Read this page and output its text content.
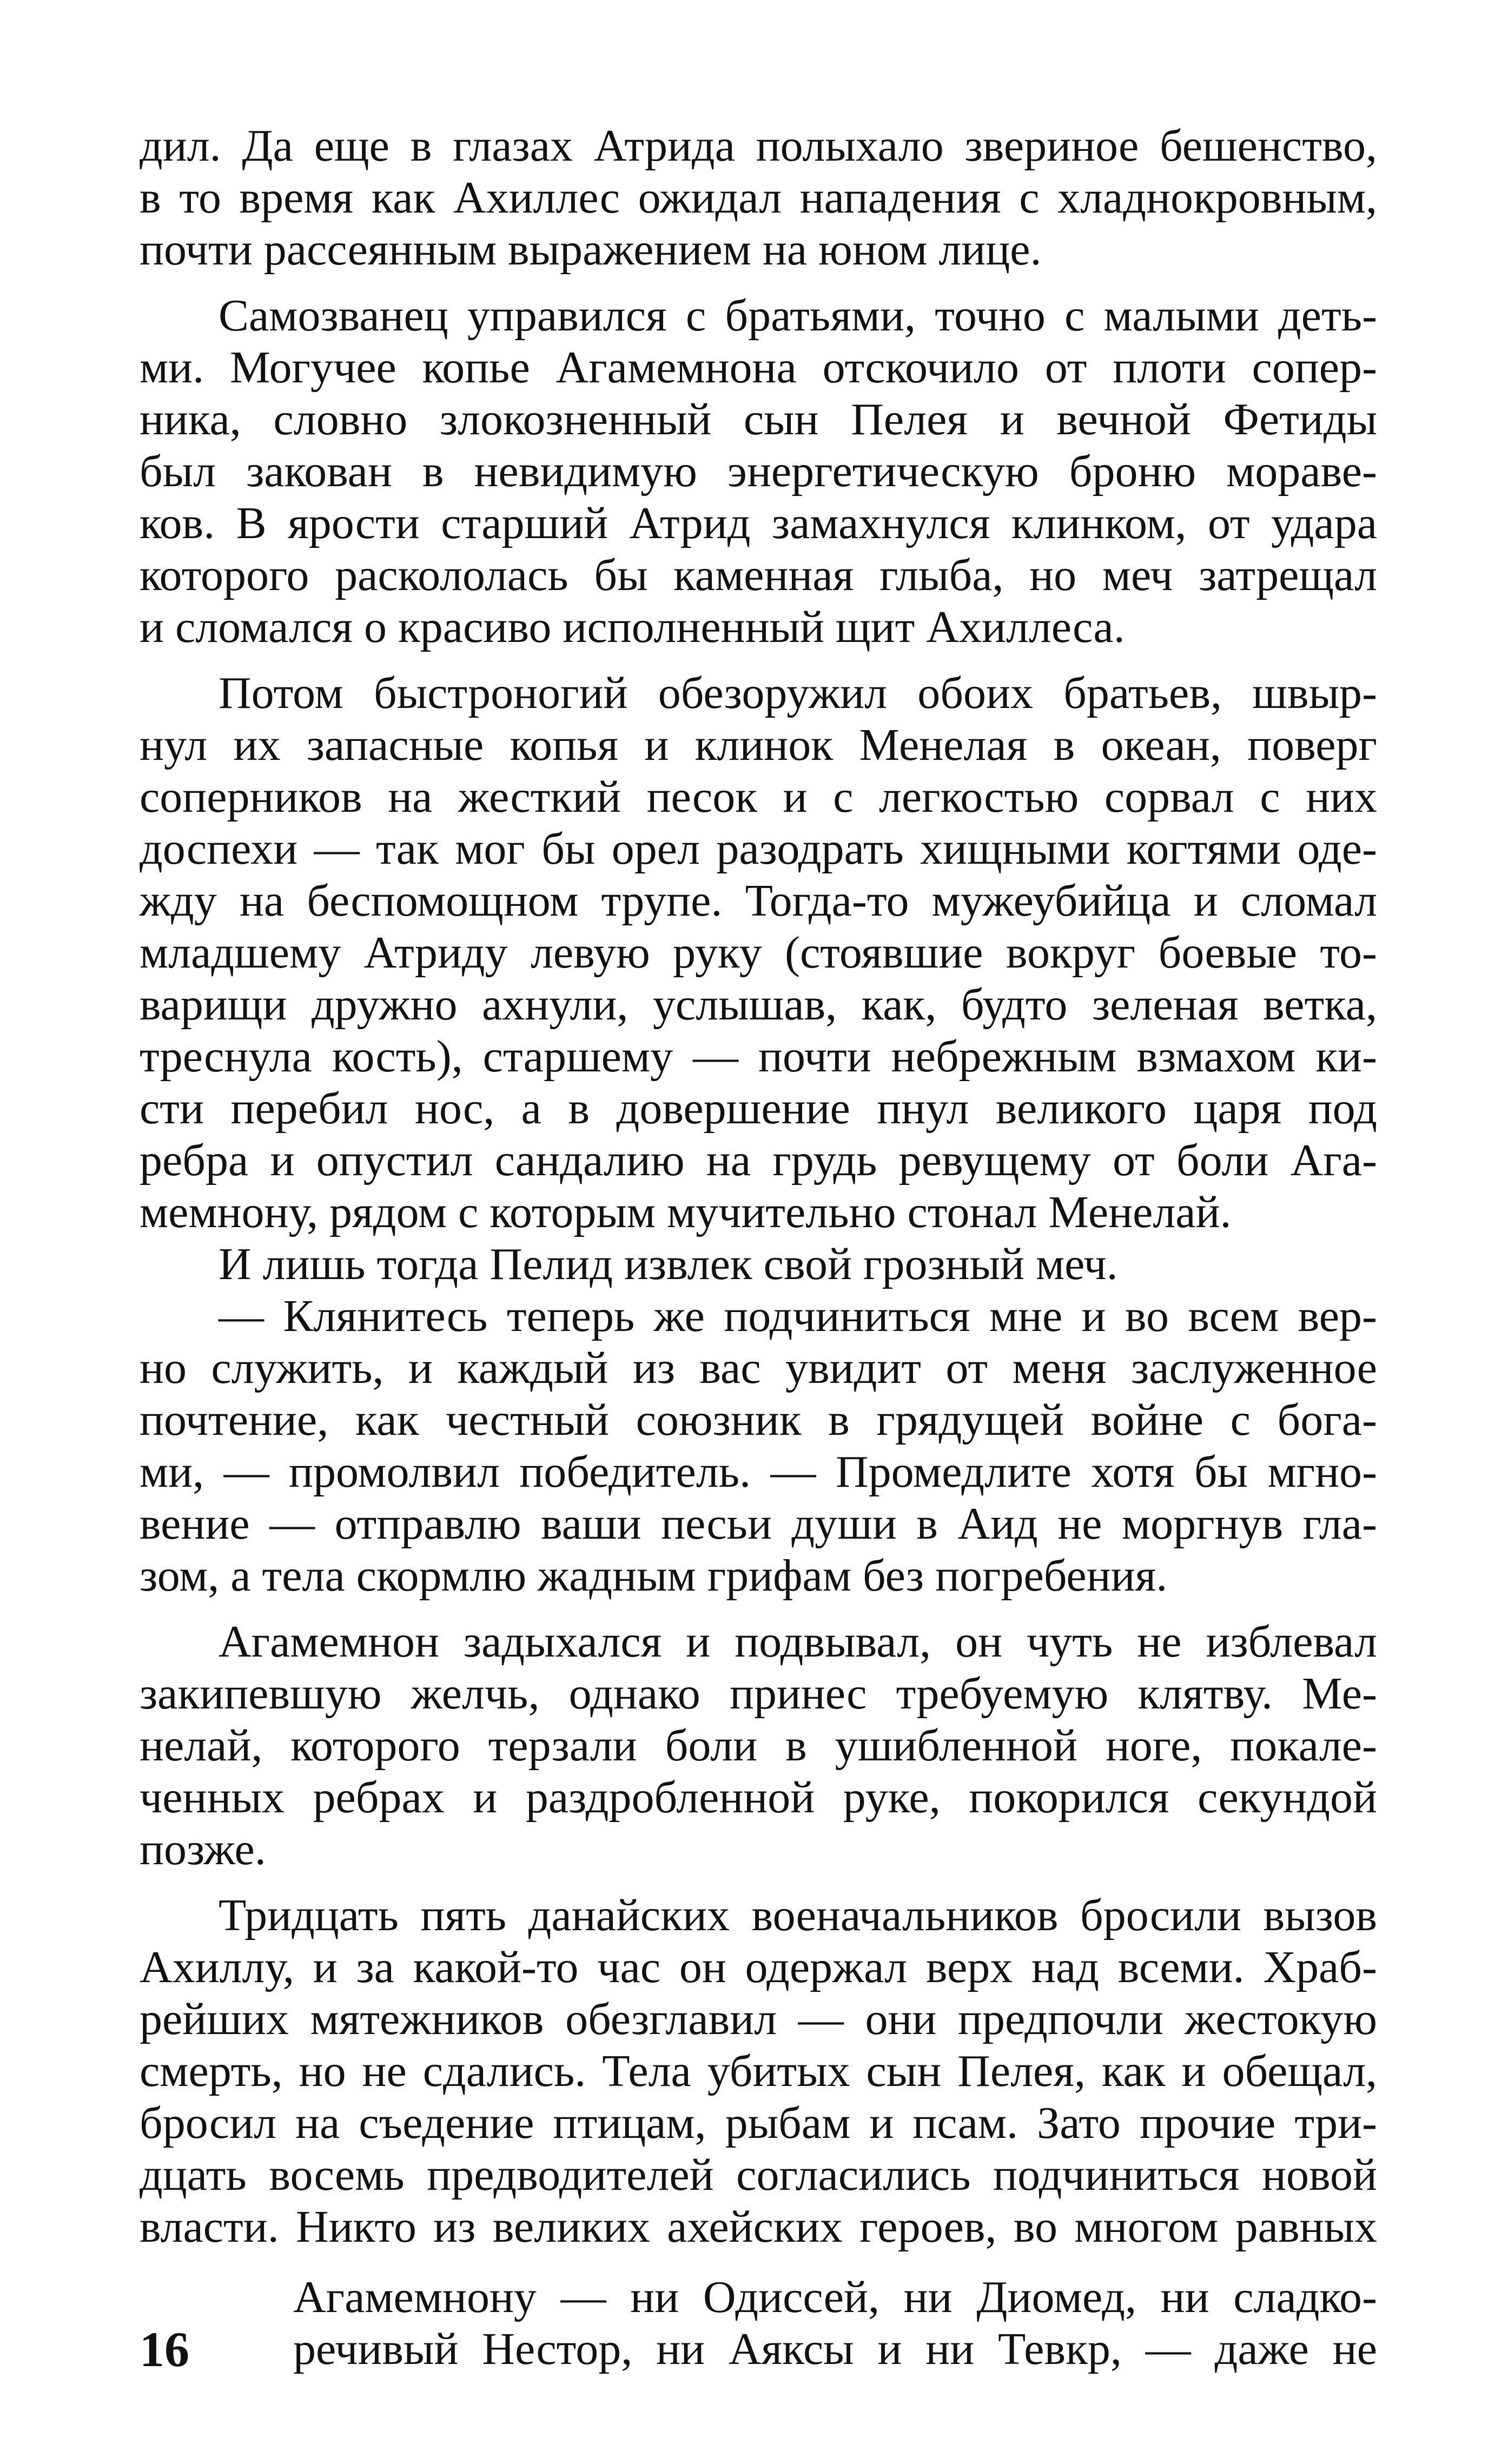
дил. Да еще в глазах Атрида полыхало звериное бешенство,
в то время как Ахиллес ожидал нападения с хладнокровным,
почти рассеянным выражением на юном лице.
Самозванец управился с братьями, точно с малыми деть-
ми. Могучее копье Агамемнона отскочило от плоти сопер-
ника, словно злокозненный сын Пелея и вечной Фетиды
был закован в невидимую энергетическую броню мораве-
ков. В ярости старший Атрид замахнулся клинком, от удара
которого раскололась бы каменная глыба, но меч затрещал
и сломался о красиво исполненный щит Ахиллеса.
Потом быстроногий обезоружил обоих братьев, швыр-
нул их запасные копья и клинок Менелая в океан, поверг
соперников на жесткий песок и с легкостью сорвал с них
доспехи — так мог бы орел разодрать хищными когтями оде-
жду на беспомощном трупе. Тогда-то мужеубийца и сломал
младшему Атриду левую руку (стоявшие вокруг боевые то-
варищи дружно ахнули, услышав, как, будто зеленая ветка,
треснула кость), старшему — почти небрежным взмахом ки-
сти перебил нос, а в довершение пнул великого царя под
ребра и опустил сандалию на грудь ревущему от боли Ага-
мемнону, рядом с которым мучительно стонал Менелай.
И лишь тогда Пелид извлек свой грозный меч.
— Клянитесь теперь же подчиниться мне и во всем вер-
но служить, и каждый из вас увидит от меня заслуженное
почтение, как честный союзник в грядущей войне с бога-
ми, — промолвил победитель. — Промедлите хотя бы мгно-
вение — отправлю ваши песьи души в Аид не моргнув гла-
зом, а тела скормлю жадным грифам без погребения.
Агамемнон задыхался и подвывал, он чуть не изблевал
закипевшую желчь, однако принес требуемую клятву. Ме-
нелай, которого терзали боли в ушибленной ноге, покале-
ченных ребрах и раздробленной руке, покорился секундой
позже.
Тридцать пять данайских военачальников бросили вызов
Ахиллу, и за какой-то час он одержал верх над всеми. Храб-
рейших мятежников обезглавил — они предпочли жестокую
смерть, но не сдались. Тела убитых сын Пелея, как и обещал,
бросил на съедение птицам, рыбам и псам. Зато прочие три-
дцать восемь предводителей согласились подчиниться новой
власти. Никто из великих ахейских героев, во многом равных
16
Агамемнону — ни Одиссей, ни Диомед, ни сладко-
речивый Нестор, ни Аяксы и ни Тевкр, — даже не
